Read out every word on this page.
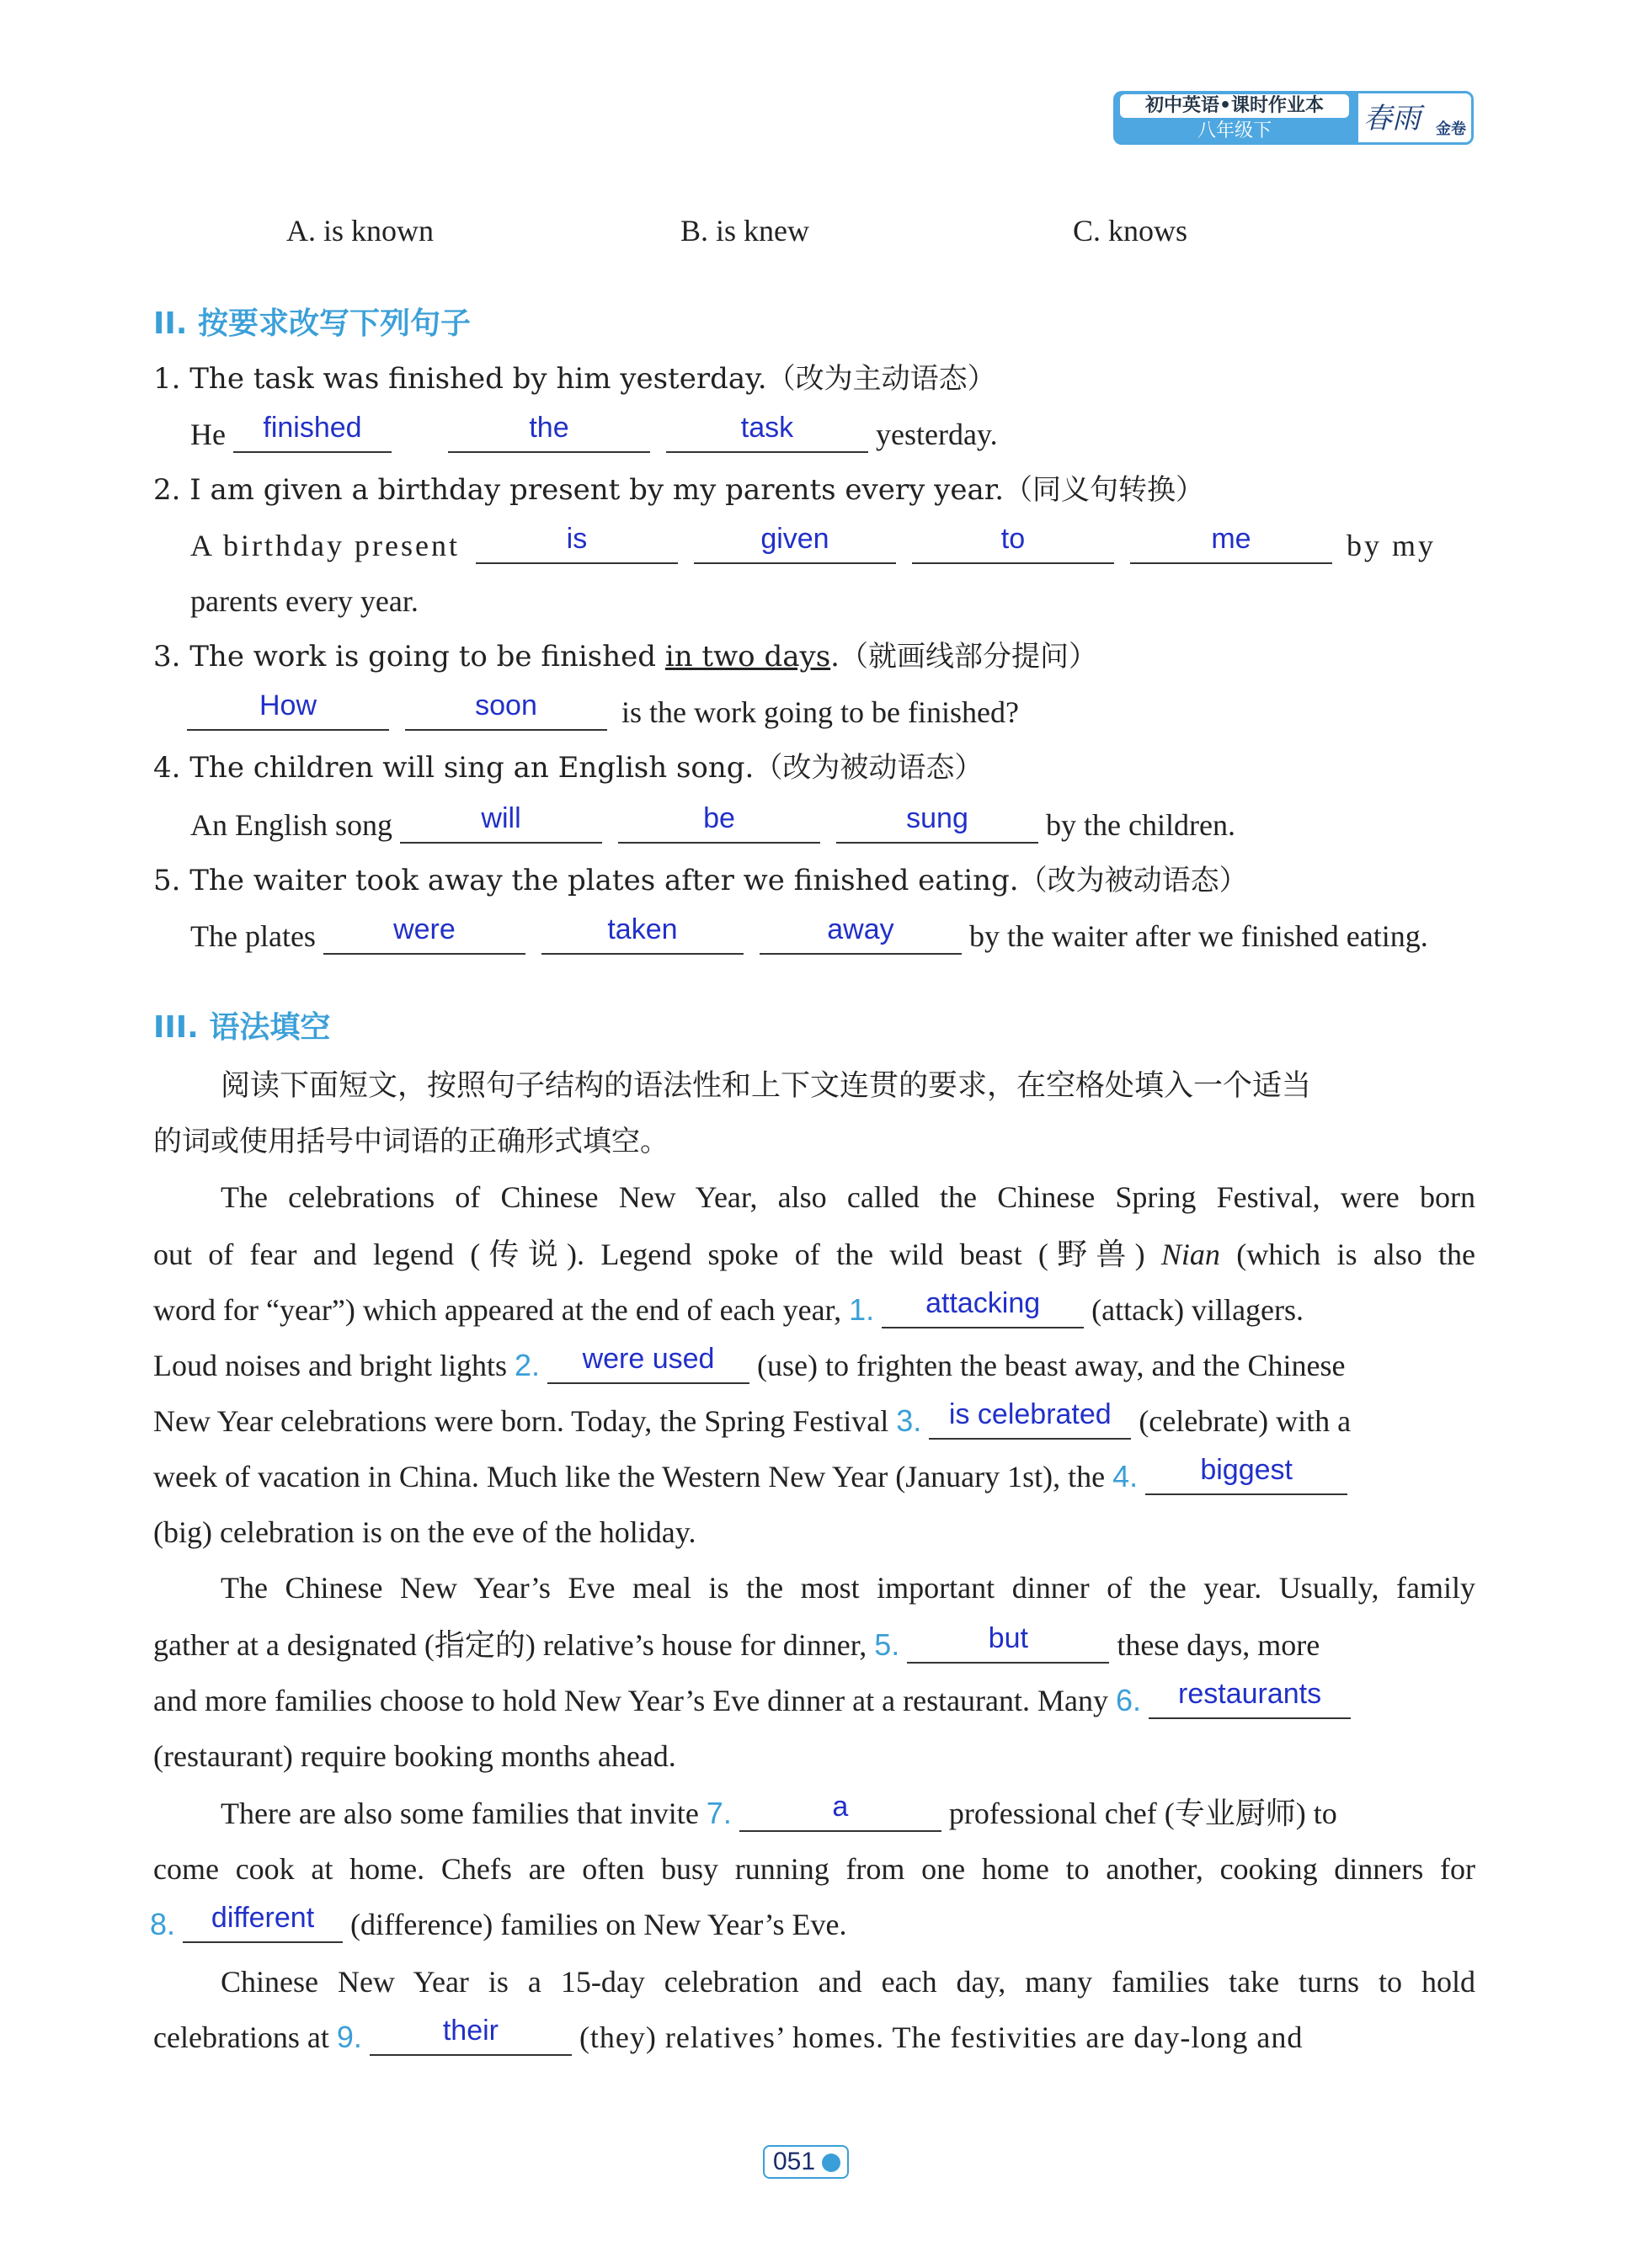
初中英语•课时作业本
八年级下	春雨 金卷
A. is known	B. is knew	C. knows
II. 按要求改写下列句子
1. The task was finished by him yesterday.（改为主动语态）
He	finished
	the
	task	yesterday.
2. I am given a birthday present by my parents every year.（同义句转换）
A birthday present	is
	given
	to
	me	by my
parents every year.
3. The work is going to be finished in two days.（就画线部分提问）
How
	soon	is the work going to be finished?
4. The children will sing an English song.（改为被动语态）
An English song	will
	be
	sung	by the children.
5. The waiter took away the plates after we finished eating.（改为被动语态）
The plates	were
	taken
	away	by the waiter after we finished eating.
III. 语法填空
阅读下面短文，按照句子结构的语法性和上下文连贯的要求，在空格处填入一个适当
的词或使用括号中词语的正确形式填空。
The celebrations of Chinese New Year, also called the Chinese Spring Festival, were born
out of fear and legend (传说). Legend spoke of the wild beast (野兽) Nian (which is also the
word for “year”) which appeared at the end of each year, 1.	attacking	(attack) villagers.
Loud noises and bright lights 2.	were used	(use) to frighten the beast away, and the Chinese
New Year celebrations were born. Today, the Spring Festival 3. is celebrated (celebrate) with a
week of vacation in China. Much like the Western New Year (January 1st), the 4.	biggest
(big) celebration is on the eve of the holiday.
The Chinese New Year’s Eve meal is the most important dinner of the year. Usually, family
gather at a designated (指定的) relative’s house for dinner, 5.	but	these days, more
and more families choose to hold New Year’s Eve dinner at a restaurant. Many 6.	restaurants
(restaurant) require booking months ahead.
There are also some families that invite 7.	a	professional chef (专业厨师) to
come cook at home. Chefs are often busy running from one home to another, cooking dinners for
8.	different	(difference) families on New Year’s Eve.
Chinese New Year is a 15-day celebration and each day, many families take turns to hold
celebrations at 9.	their	(they) relatives’ homes. The festivities are day-long and
051
